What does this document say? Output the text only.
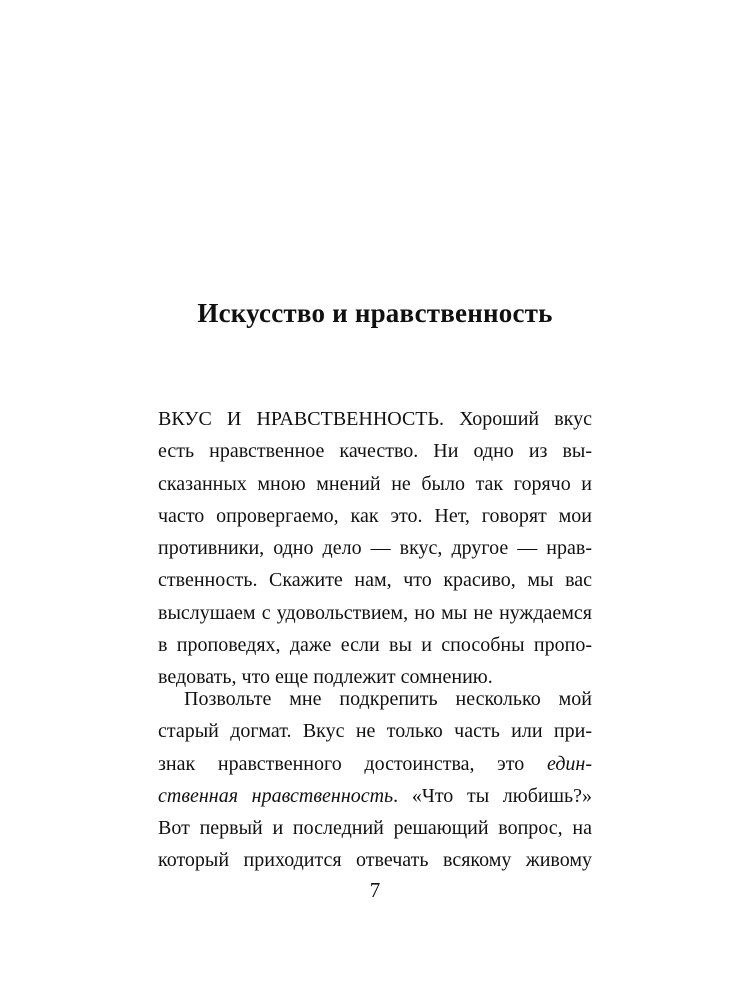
Искусство и нравственность
ВКУС И НРАВСТВЕННОСТЬ. Хороший вкус
есть нравственное качество. Ни одно из вы-
сказанных мною мнений не было так горячо и
часто опровергаемо, как это. Нет, говорят мои
противники, одно дело — вкус, другое — нрав-
ственность. Скажите нам, что красиво, мы вас
выслушаем с удовольствием, но мы не нуждаемся
в проповедях, даже если вы и способны пропо-
ведовать, что еще подлежит сомнению.
Позвольте мне подкрепить несколько мой
старый догмат. Вкус не только часть или при-
знак нравственного достоинства, это един-
ственная нравственность. «Что ты любишь?»
Вот первый и последний решающий вопрос, на
который приходится отвечать всякому живому

7
